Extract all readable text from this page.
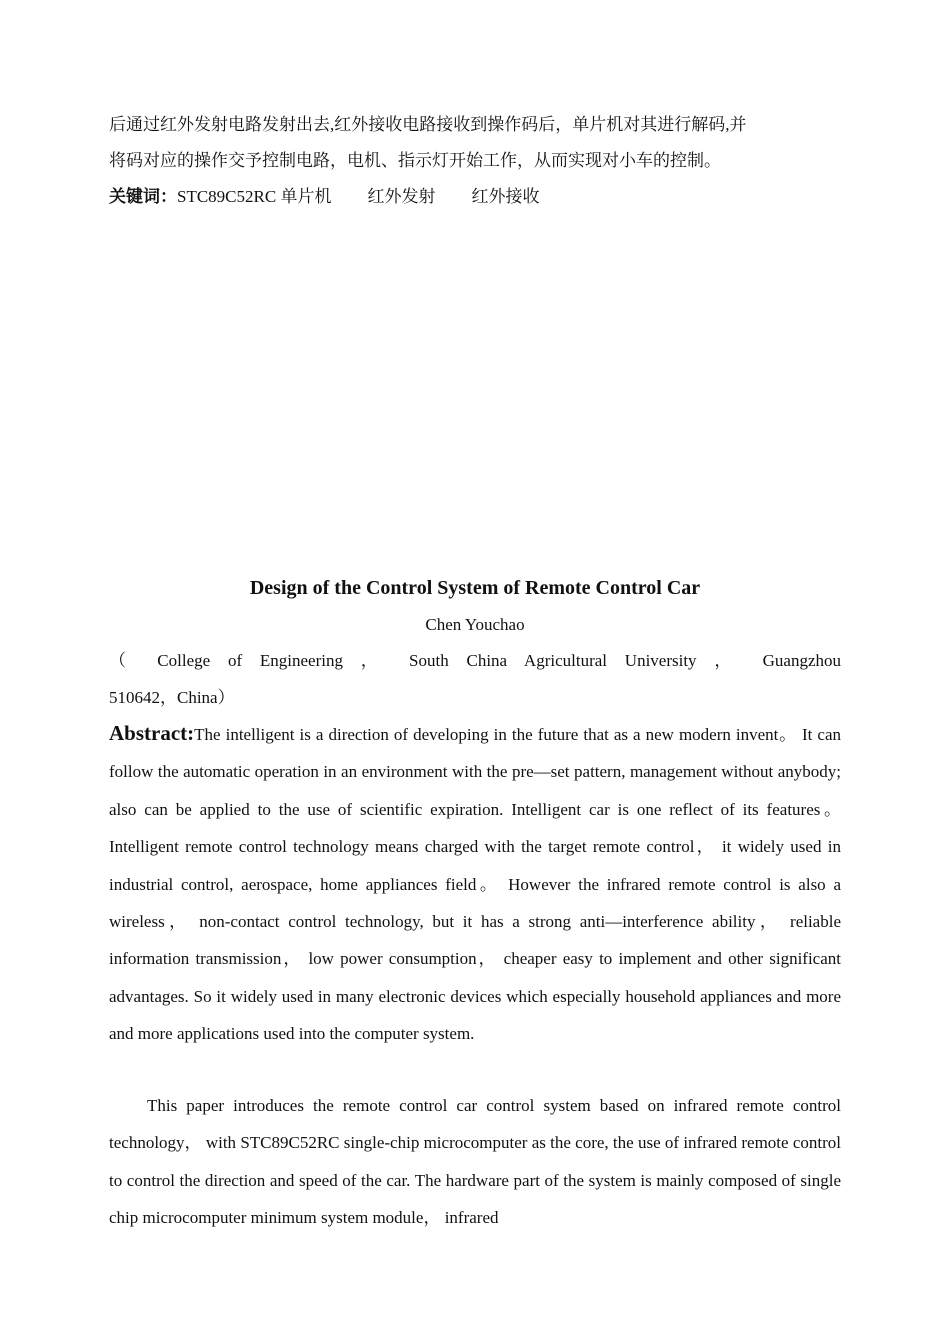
后通过红外发射电路发射出去,红外接收电路接收到操作码后，单片机对其进行解码,并
将码对应的操作交予控制电路，电机、指示灯开始工作，从而实现对小车的控制。
关键词：STC89C52RC 单片机 红外发射 红外接收
Design of the Control System of Remote Control Car
Chen Youchao
（ College of Engineering ， South China Agricultural University ， Guangzhou
510642，China）
Abstract:The intelligent is a direction of developing in the future that as a new modern invent。 It can follow the automatic operation in an environment with the pre—set pattern, management without anybody; also can be applied to the use of scientific expiration. Intelligent car is one reflect of its features。 Intelligent remote control technology means charged with the target remote control， it widely used in industrial control, aerospace, home appliances field。 However the infrared remote control is also a wireless， non-contact control technology, but it has a strong anti—interference ability， reliable information transmission， low power consumption， cheaper easy to implement and other significant advantages. So it widely used in many electronic devices which especially household appliances and more and more applications used into the computer system.
This paper introduces the remote control car control system based on infrared remote control technology， with STC89C52RC single-chip microcomputer as the core, the use of infrared remote control to control the direction and speed of the car. The hardware part of the system is mainly composed of single chip microcomputer minimum system module， infrared
